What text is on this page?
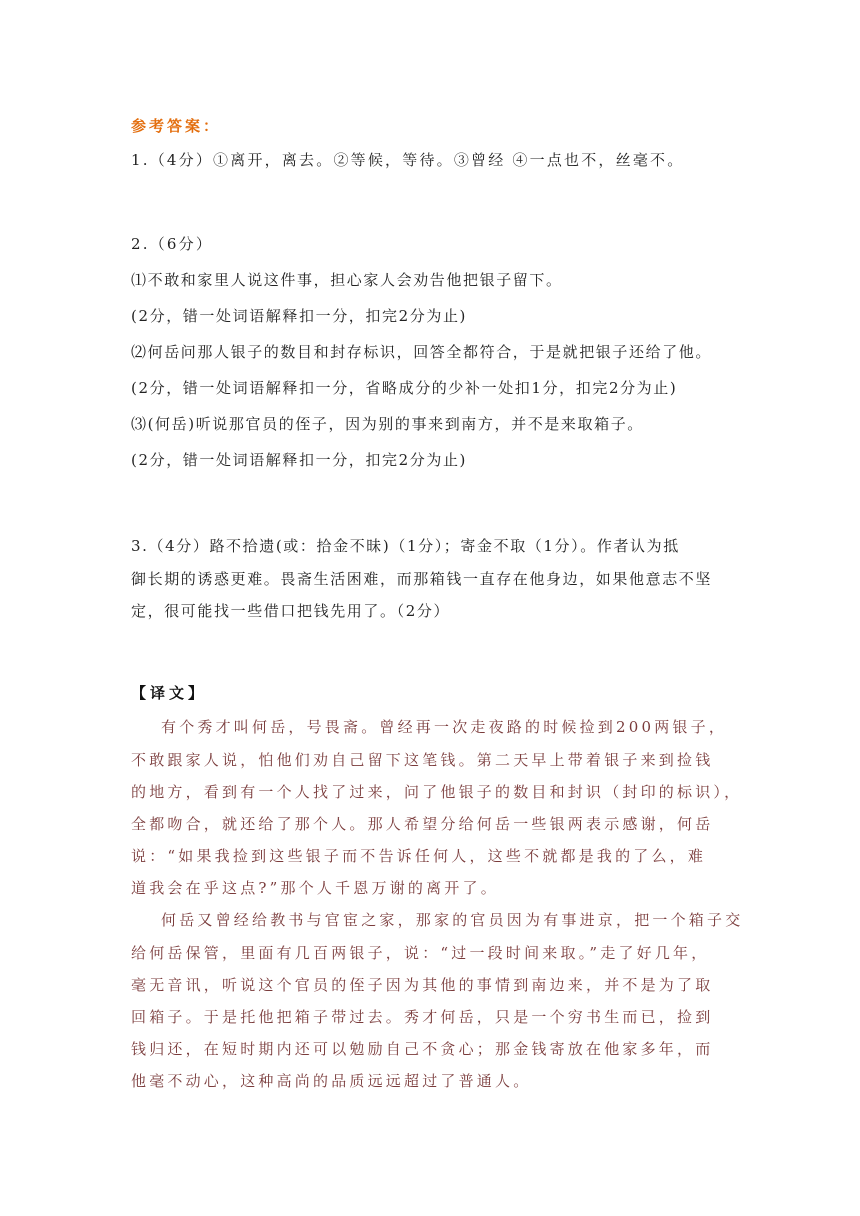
参考答案：
1.（4分）①离开，离去。②等候，等待。③曾经 ④一点也不，丝毫不。
2.（6分）
⑴不敢和家里人说这件事，担心家人会劝告他把银子留下。
(2分，错一处词语解释扣一分，扣完2分为止)
⑵何岳问那人银子的数目和封存标识，回答全都符合，于是就把银子还给了他。
(2分，错一处词语解释扣一分，省略成分的少补一处扣1分，扣完2分为止)
⑶(何岳)听说那官员的侄子，因为别的事来到南方，并不是来取箱子。
(2分，错一处词语解释扣一分，扣完2分为止)
3.（4分）路不拾遗(或：拾金不昧)（1分）；寄金不取（1分）。作者认为抵
御长期的诱惑更难。畏斋生活困难，而那箱钱一直存在他身边，如果他意志不坚
定，很可能找一些借口把钱先用了。（2分）
【译文】
有个秀才叫何岳，号畏斋。曾经再一次走夜路的时候捡到200两银子，
不敢跟家人说，怕他们劝自己留下这笔钱。第二天早上带着银子来到捡钱
的地方，看到有一个人找了过来，问了他银子的数目和封识（封印的标识），
全都吻合，就还给了那个人。那人希望分给何岳一些银两表示感谢，何岳
说：“如果我捡到这些银子而不告诉任何人，这些不就都是我的了么，难
道我会在乎这点?”那个人千恩万谢的离开了。
何岳又曾经给教书与官宦之家，那家的官员因为有事进京，把一个箱子交
给何岳保管，里面有几百两银子，说：“过一段时间来取。”走了好几年，
毫无音讯，听说这个官员的侄子因为其他的事情到南边来，并不是为了取
回箱子。于是托他把箱子带过去。秀才何岳，只是一个穷书生而已，捡到
钱归还，在短时期内还可以勉励自己不贪心；那金钱寄放在他家多年，而
他毫不动心，这种高尚的品质远远超过了普通人。
